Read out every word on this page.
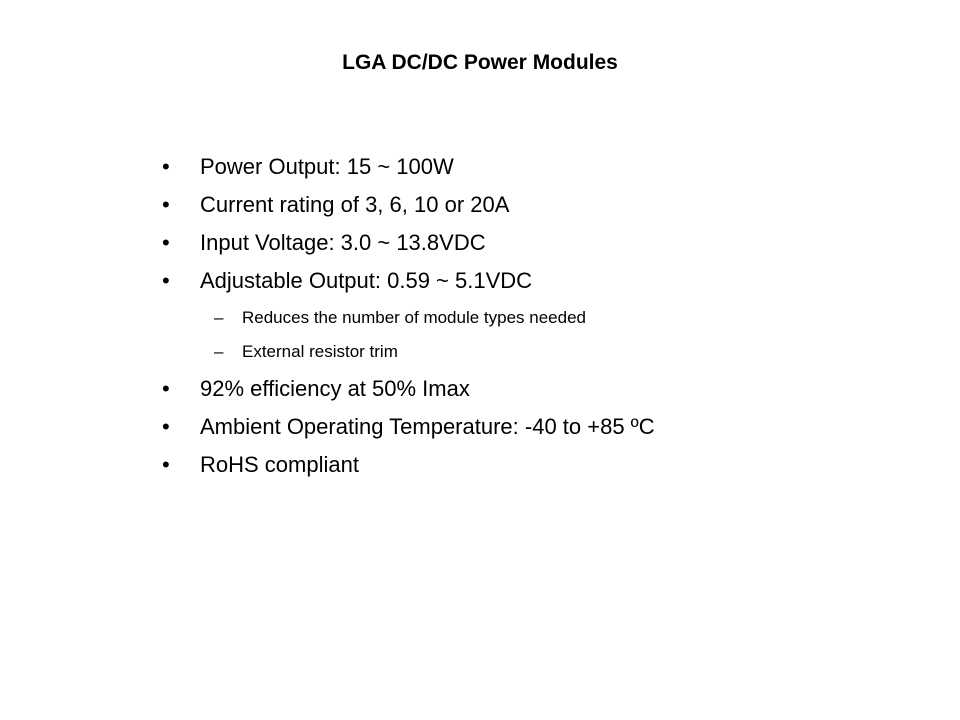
LGA DC/DC Power Modules
• Power Output: 15 ~ 100W
• Current rating of 3, 6, 10 or 20A
• Input Voltage: 3.0 ~ 13.8VDC
• Adjustable Output: 0.59 ~ 5.1VDC
– Reduces the number of module types needed
– External resistor trim
• 92% efficiency at 50% Imax
• Ambient Operating Temperature: -40 to +85 ºC
• RoHS compliant
